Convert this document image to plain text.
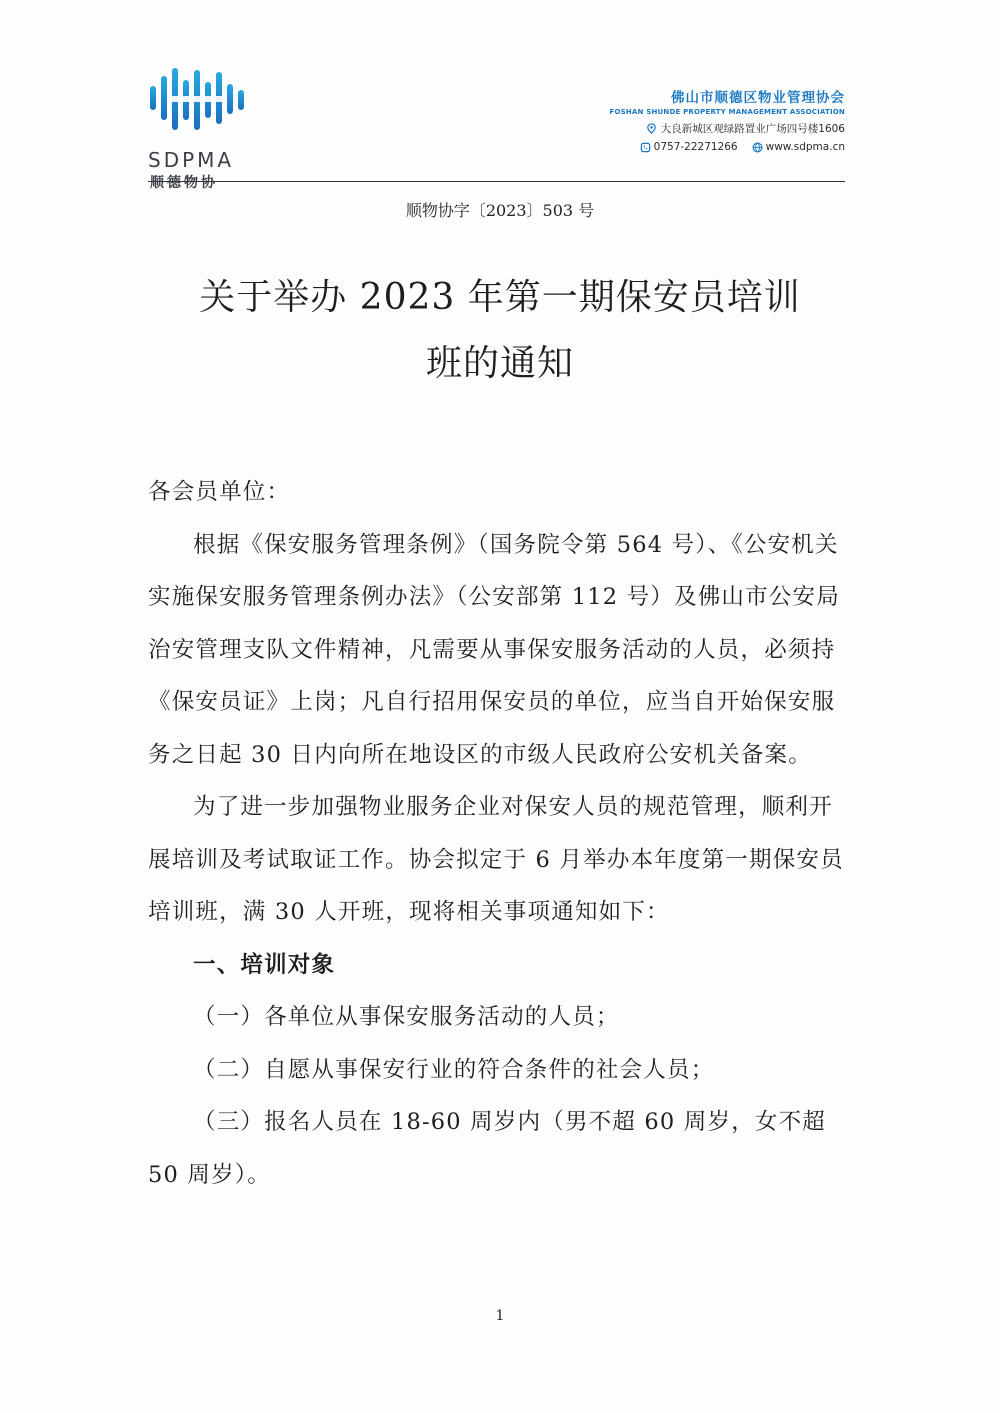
SDPMA
顺德物协
佛山市顺德区物业管理协会
FOSHAN SHUNDE PROPERTY MANAGEMENT ASSOCIATION
大良新城区观绿路置业广场四号楼1606
0757-22271266	www.sdpma.cn
顺物协字〔2023〕503 号
关于举办 2023 年第一期保安员培训
班的通知

各会员单位：

根据《保安服务管理条例》（国务院令第 564 号）、《公安机关实施保安服务管理条例办法》（公安部第 112 号）及佛山市公安局治安管理支队文件精神，凡需要从事保安服务活动的人员，必须持《保安员证》上岗；凡自行招用保安员的单位，应当自开始保安服务之日起 30 日内向所在地设区的市级人民政府公安机关备案。

为了进一步加强物业服务企业对保安人员的规范管理，顺利开展培训及考试取证工作。协会拟定于 6 月举办本年度第一期保安员培训班，满 30 人开班，现将相关事项通知如下：

一、培训对象

（一）各单位从事保安服务活动的人员；

（二）自愿从事保安行业的符合条件的社会人员；

（三）报名人员在 18-60 周岁内（男不超 60 周岁，女不超 50 周岁）。

1
